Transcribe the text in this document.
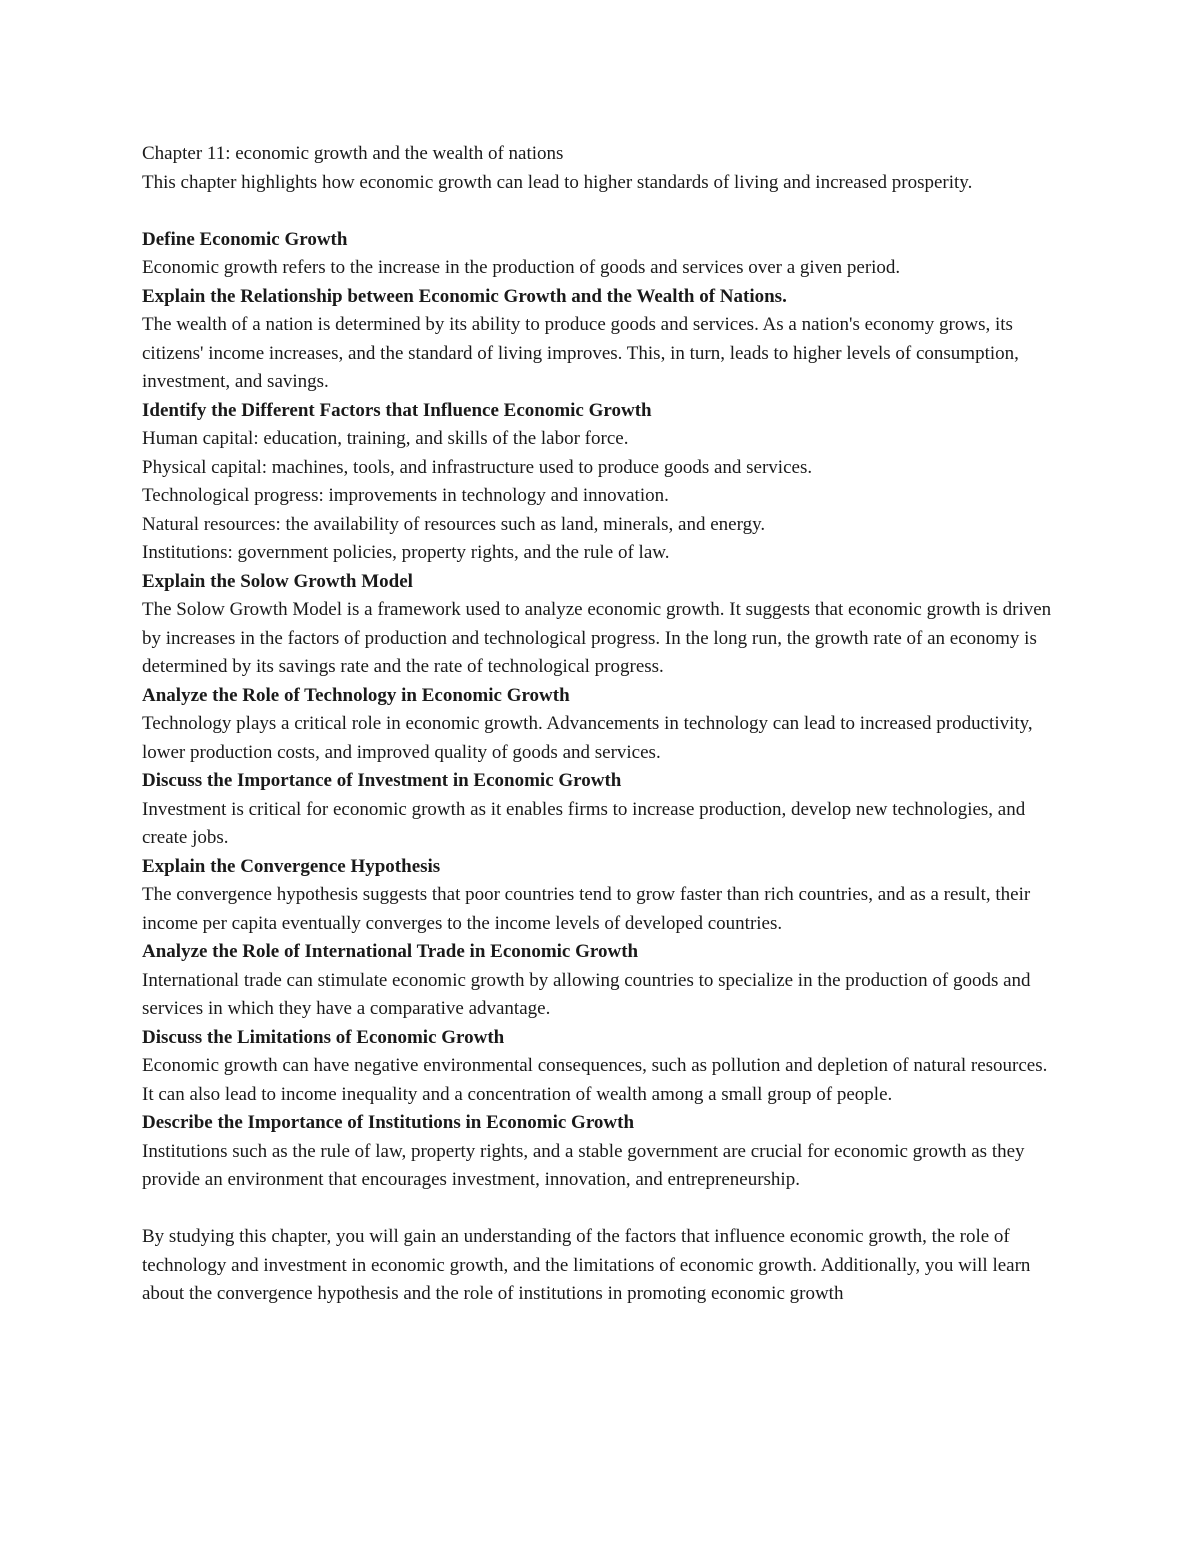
Chapter 11: economic growth and the wealth of nations

This chapter highlights how economic growth can lead to higher standards of living and increased prosperity.

Define Economic Growth

Economic growth refers to the increase in the production of goods and services over a given period.

Explain the Relationship between Economic Growth and the Wealth of Nations.

The wealth of a nation is determined by its ability to produce goods and services. As a nation's economy grows, its citizens' income increases, and the standard of living improves. This, in turn, leads to higher levels of consumption, investment, and savings.

Identify the Different Factors that Influence Economic Growth

Human capital: education, training, and skills of the labor force.

Physical capital: machines, tools, and infrastructure used to produce goods and services.

Technological progress: improvements in technology and innovation.

Natural resources: the availability of resources such as land, minerals, and energy.

Institutions: government policies, property rights, and the rule of law.

Explain the Solow Growth Model

The Solow Growth Model is a framework used to analyze economic growth. It suggests that economic growth is driven by increases in the factors of production and technological progress. In the long run, the growth rate of an economy is determined by its savings rate and the rate of technological progress.

Analyze the Role of Technology in Economic Growth

Technology plays a critical role in economic growth. Advancements in technology can lead to increased productivity, lower production costs, and improved quality of goods and services.

Discuss the Importance of Investment in Economic Growth

Investment is critical for economic growth as it enables firms to increase production, develop new technologies, and create jobs.

Explain the Convergence Hypothesis

The convergence hypothesis suggests that poor countries tend to grow faster than rich countries, and as a result, their income per capita eventually converges to the income levels of developed countries.

Analyze the Role of International Trade in Economic Growth

International trade can stimulate economic growth by allowing countries to specialize in the production of goods and services in which they have a comparative advantage.

Discuss the Limitations of Economic Growth

Economic growth can have negative environmental consequences, such as pollution and depletion of natural resources.

It can also lead to income inequality and a concentration of wealth among a small group of people.

Describe the Importance of Institutions in Economic Growth

Institutions such as the rule of law, property rights, and a stable government are crucial for economic growth as they provide an environment that encourages investment, innovation, and entrepreneurship.

By studying this chapter, you will gain an understanding of the factors that influence economic growth, the role of technology and investment in economic growth, and the limitations of economic growth. Additionally, you will learn about the convergence hypothesis and the role of institutions in promoting economic growth
